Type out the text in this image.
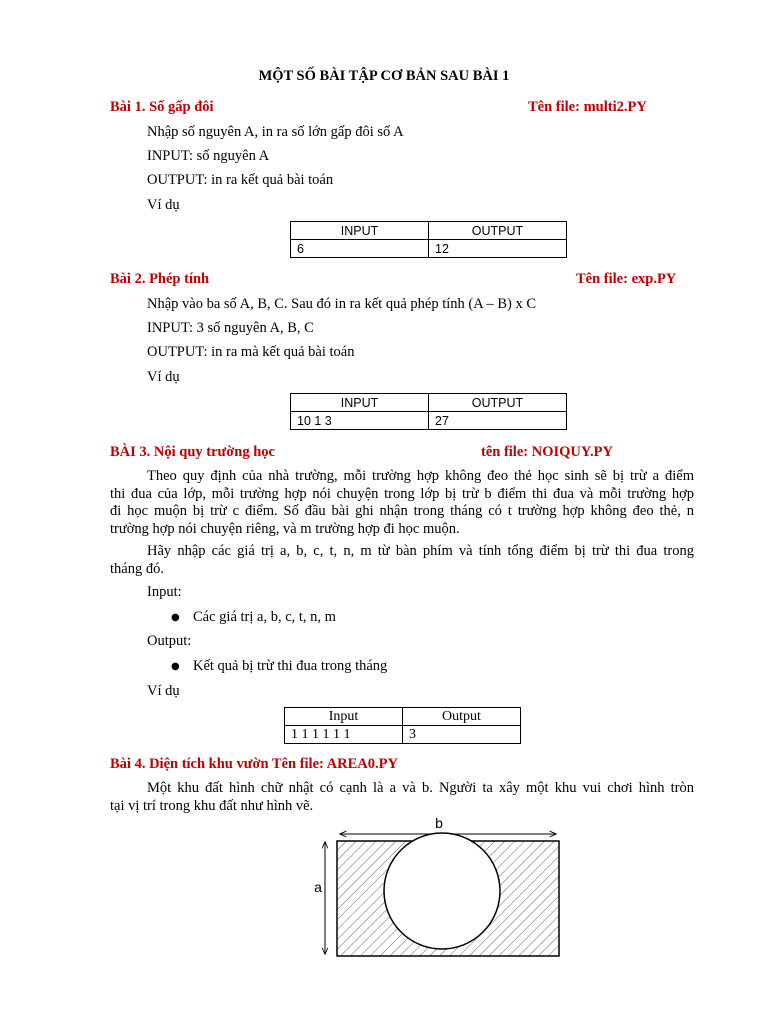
MỘT SỐ BÀI TẬP CƠ BẢN SAU BÀI 1
Bài 1. Số gấp đôi	Tên file: multi2.PY
Nhập số nguyên A, in ra số lớn gấp đôi số A
INPUT: số nguyên A
OUTPUT: in ra kết quả bài toán
Ví dụ
INPUT	OUTPUT
6	12
Bài 2. Phép tính	Tên file: exp.PY
Nhập vào ba số A, B, C. Sau đó in ra kết quả phép tính (A – B) x C
INPUT: 3 số nguyên A, B, C
OUTPUT: in ra mà kết quả bài toán
Ví dụ
INPUT	OUTPUT
10 1 3	27
BÀI 3. Nội quy trường học	tên file: NOIQUY.PY
Theo quy định của nhà trường, mỗi trường hợp không đeo thẻ học sinh sẽ bị trừ a điểm
thi đua của lớp, mỗi trường hợp nói chuyện trong lớp bị trừ b điểm thi đua và mỗi trường hợp
đi học muộn bị trừ c điểm. Số đầu bài ghi nhận trong tháng có t trường hợp không đeo thẻ, n
trường hợp nói chuyện riêng, và m trường hợp đi học muộn.
Hãy nhập các giá trị a, b, c, t, n, m từ bàn phím và tính tổng điểm bị trừ thi đua trong
tháng đó.
Input:
● Các giá trị a, b, c, t, n, m
Output:
● Kết quả bị trừ thi đua trong tháng
Ví dụ
Input	Output
1 1 1 1 1 1	3
Bài 4. Diện tích khu vườn Tên file: AREA0.PY
Một khu đất hình chữ nhật có cạnh là a và b. Người ta xây một khu vui chơi hình tròn
tại vị trí trong khu đất như hình vẽ.
b
a
